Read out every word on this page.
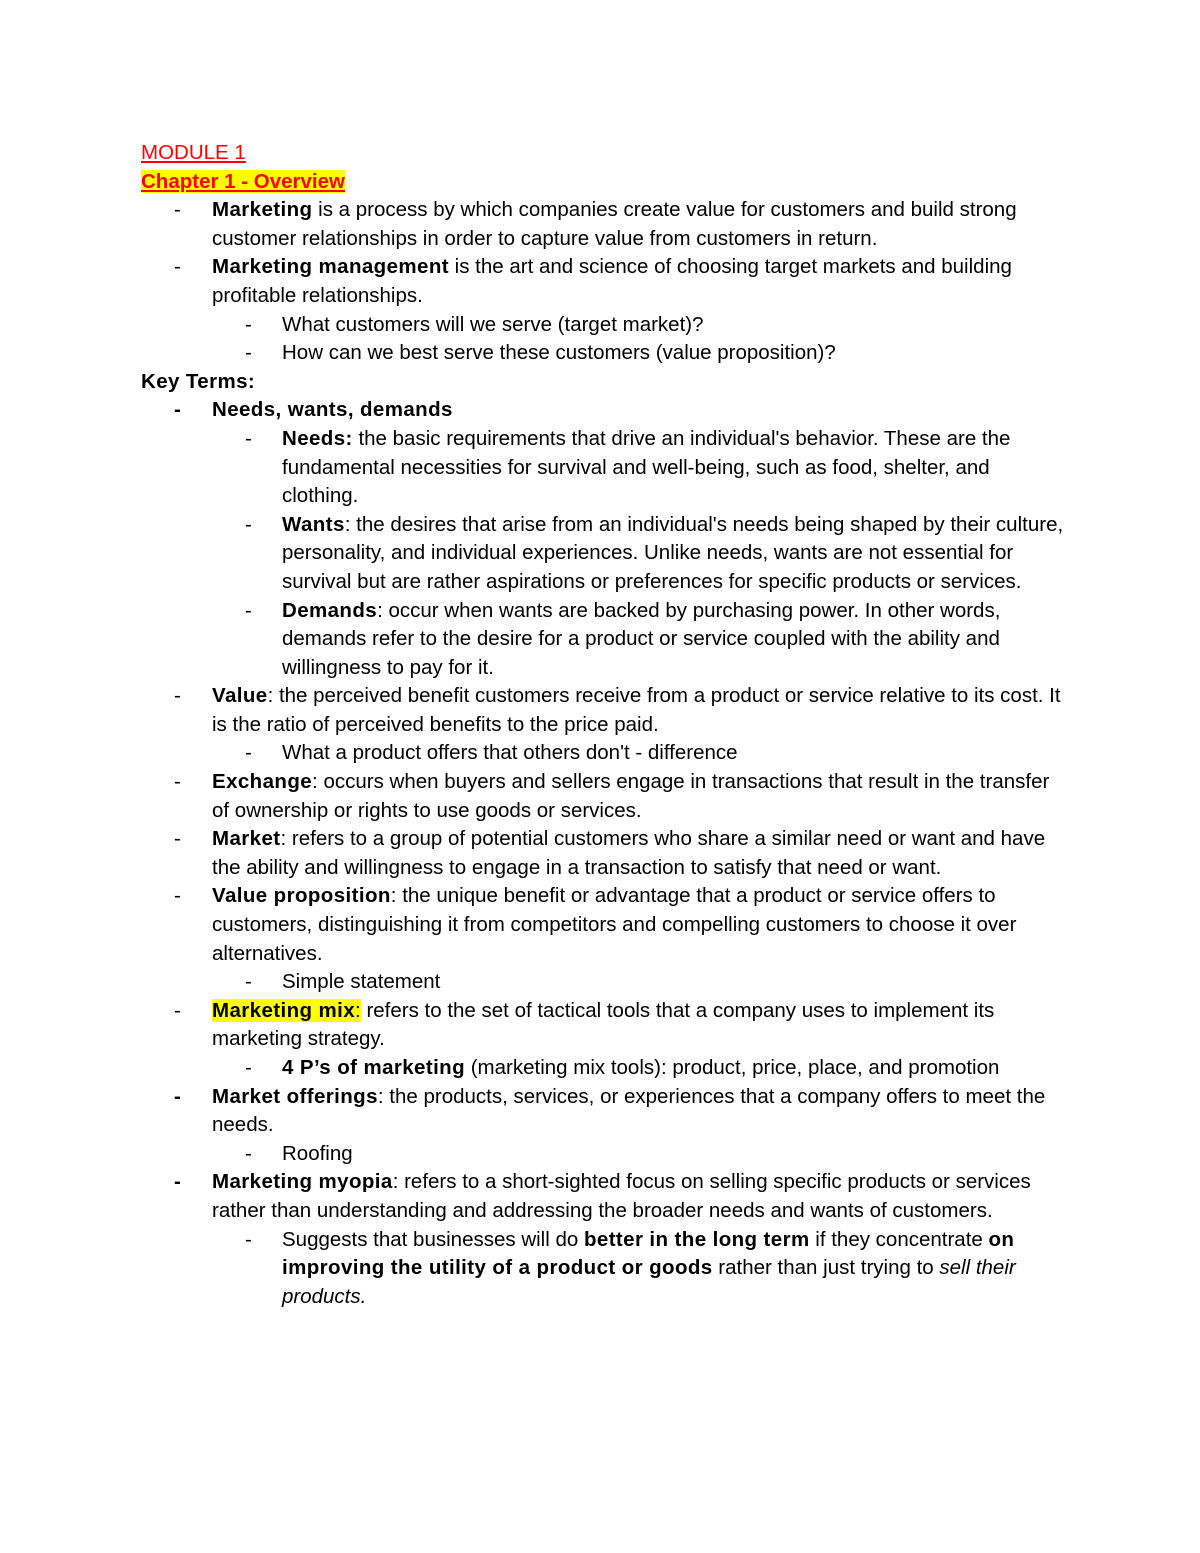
MODULE 1
Chapter 1 - Overview
- Marketing is a process by which companies create value for customers and build strong customer relationships in order to capture value from customers in return.
- Marketing management is the art and science of choosing target markets and building profitable relationships.
- What customers will we serve (target market)?
- How can we best serve these customers (value proposition)?
Key Terms:
- Needs, wants, demands
- Needs: the basic requirements that drive an individual's behavior. These are the fundamental necessities for survival and well-being, such as food, shelter, and clothing.
- Wants: the desires that arise from an individual's needs being shaped by their culture, personality, and individual experiences. Unlike needs, wants are not essential for survival but are rather aspirations or preferences for specific products or services.
- Demands: occur when wants are backed by purchasing power. In other words, demands refer to the desire for a product or service coupled with the ability and willingness to pay for it.
- Value: the perceived benefit customers receive from a product or service relative to its cost. It is the ratio of perceived benefits to the price paid.
- What a product offers that others don't - difference
- Exchange: occurs when buyers and sellers engage in transactions that result in the transfer of ownership or rights to use goods or services.
- Market: refers to a group of potential customers who share a similar need or want and have the ability and willingness to engage in a transaction to satisfy that need or want.
- Value proposition: the unique benefit or advantage that a product or service offers to customers, distinguishing it from competitors and compelling customers to choose it over alternatives.
- Simple statement
- Marketing mix: refers to the set of tactical tools that a company uses to implement its marketing strategy.
- 4 P’s of marketing (marketing mix tools): product, price, place, and promotion
- Market offerings: the products, services, or experiences that a company offers to meet the needs.
- Roofing
- Marketing myopia: refers to a short-sighted focus on selling specific products or services rather than understanding and addressing the broader needs and wants of customers.
- Suggests that businesses will do better in the long term if they concentrate on improving the utility of a product or goods rather than just trying to sell their products.
